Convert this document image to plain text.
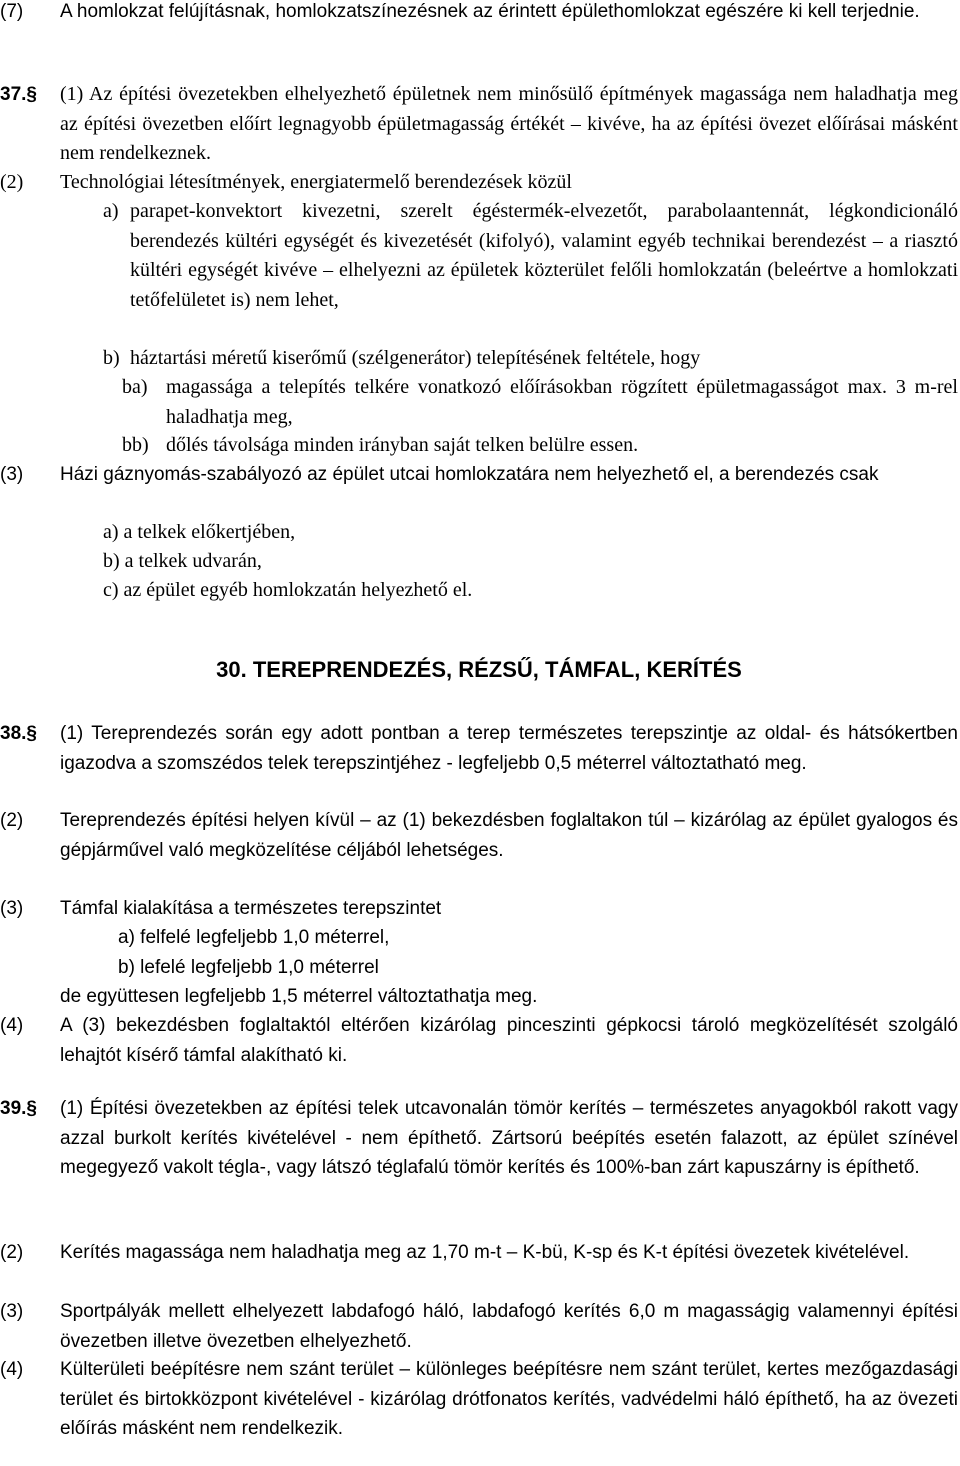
(7) A homlokzat felújításnak, homlokzatszínezésnek az érintett épülethomlokzat egészére ki kell terjednie.
37.§ (1) Az építési övezetekben elhelyezhető épületnek nem minősülő építmények magassága nem haladhatja meg az építési övezetben előírt legnagyobb épületmagasság értékét – kivéve, ha az építési övezet előírásai másként nem rendelkeznek.
(2) Technológiai létesítmények, energiatermelő berendezések közül
a) parapet-konvektort kivezetni, szerelt égéstermék-elvezetőt, parabolaantennát, légkondicionáló berendezés kültéri egységét és kivezetését (kifolyó), valamint egyéb technikai berendezést – a riasztó kültéri egységét kivéve – elhelyezni az épületek közterület felőli homlokzatán (beleértve a homlokzati tetőfelületet is) nem lehet,
b) háztartási méretű kiserőmű (szélgenerátor) telepítésének feltétele, hogy
ba) magassága a telepítés telkére vonatkozó előírásokban rögzített épületmagasságot max. 3 m-rel haladhatja meg,
bb) dőlés távolsága minden irányban saját telken belülre essen.
(3) Házi gáznyomás-szabályozó az épület utcai homlokzatára nem helyezhető el, a berendezés csak
a) a telkek előkertjében,
b) a telkek udvarán,
c) az épület egyéb homlokzatán helyezhető el.
30. TEREPRENDEZÉS, RÉZSŰ, TÁMFAL, KERÍTÉS
38.§ (1) Tereprendezés során egy adott pontban a terep természetes terepszintje az oldal- és hátsókertben igazodva a szomszédos telek terepszintjéhez - legfeljebb 0,5 méterrel változtatható meg.
(2) Tereprendezés építési helyen kívül – az (1) bekezdésben foglaltakon túl – kizárólag az épület gyalogos és gépjárművel való megközelítése céljából lehetséges.
(3) Támfal kialakítása a természetes terepszintet
a) felfelé legfeljebb 1,0 méterrel,
b) lefelé legfeljebb 1,0 méterrel
de együttesen legfeljebb 1,5 méterrel változtathatja meg.
(4) A (3) bekezdésben foglaltaktól eltérően kizárólag pinceszinti gépkocsi tároló megközelítését szolgáló lehajtót kísérő támfal alakítható ki.
39.§ (1) Építési övezetekben az építési telek utcavonalán tömör kerítés – természetes anyagokból rakott vagy azzal burkolt kerítés kivételével - nem építhető. Zártsorú beépítés esetén falazott, az épület színével megegyező vakolt tégla-, vagy látszó téglafalú tömör kerítés és 100%-ban zárt kapuszárny is építhető.
(2) Kerítés magassága nem haladhatja meg az 1,70 m-t – K-bü, K-sp és K-t építési övezetek kivételével.
(3) Sportpályák mellett elhelyezett labdafogó háló, labdafogó kerítés 6,0 m magasságig valamennyi építési övezetben illetve övezetben elhelyezhető.
(4) Külterületi beépítésre nem szánt terület – különleges beépítésre nem szánt terület, kertes mezőgazdasági terület és birtokközpont kivételével - kizárólag drótfonatos kerítés, vadvédelmi háló építhető, ha az övezeti előírás másként nem rendelkezik.
